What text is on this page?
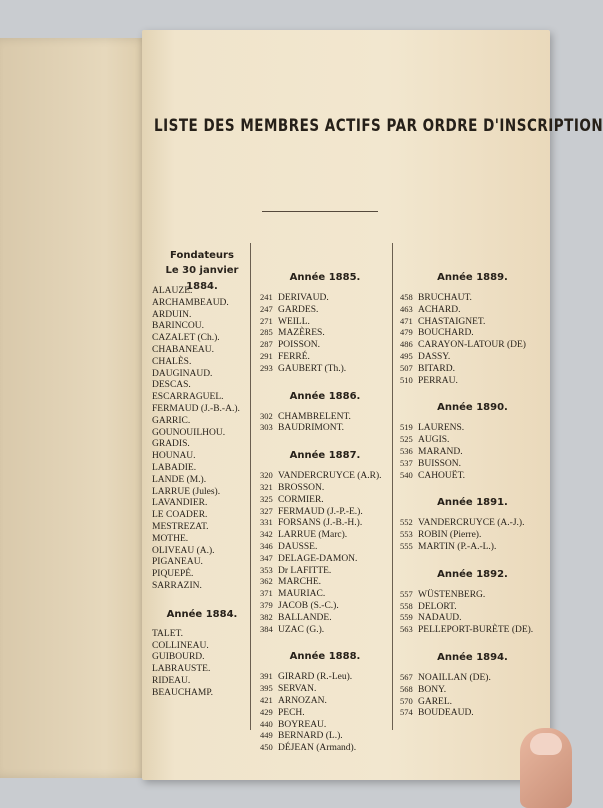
LISTE DES MEMBRES ACTIFS PAR ORDRE D'INSCRIPTION
Fondateurs
Le 30 janvier 1884.
ALAUZE.
ARCHAMBEAUD.
ARDUIN.
BARINCOU.
CAZALET (Ch.).
CHABANEAU.
CHALÈS.
DAUGINAUD.
DESCAS.
ESCARRAGUEL.
FERMAUD (J.-B.-A.).
GARRIC.
GOUNOUILHOU.
GRADIS.
HOUNAU.
LABADIE.
LANDE (M.).
LARRUE (Jules).
LAVANDIER.
LE COADER.
MESTREZAT.
MOTHE.
OLIVEAU (A.).
PIGANEAU.
PIQUEPÉ.
SARRAZIN.
Année 1884.
TALET.
COLLINEAU.
GUIBOURD.
LABRAUSTE.
RIDEAU.
BEAUCHAMP.
Année 1885.
241 DERIVAUD.
247 GARDES.
271 WEILL.
285 MAZÈRES.
287 POISSON.
291 FERRÉ.
293 GAUBERT (Th.).
Année 1886.
302 CHAMBRELENT.
303 BAUDRIMONT.
Année 1887.
320 VANDERCRUYCE (A.R).
321 BROSSON.
325 CORMIER.
327 FERMAUD (J.-P.-E.).
331 FORSANS (J.-B.-H.).
342 LARRUE (Marc).
346 DAUSSE.
347 DELAGE-DAMON.
353 Dr LAFITTE.
362 MARCHE.
371 MAURIAC.
379 JACOB (S.-C.).
382 BALLANDE.
384 UZAC (G.).
Année 1888.
391 GIRARD (R.-Leu).
395 SERVAN.
421 ARNOZAN.
429 PECH.
440 BOYREAU.
449 BERNARD (L.).
450 DÉJEAN (Armand).
Année 1889.
458 BRUCHAUT.
463 ACHARD.
471 CHASTAIGNET.
479 BOUCHARD.
486 CARAYON-LATOUR (DE)
495 DASSY.
507 BITARD.
510 PERRAU.
Année 1890.
519 LAURENS.
525 AUGIS.
536 MARAND.
537 BUISSON.
540 CAHOUËT.
Année 1891.
552 VANDERCRUYCE (A.-J.).
553 ROBIN (Pierre).
555 MARTIN (P.-A.-L.).
Année 1892.
557 WÜSTENBERG.
558 DELORT.
559 NADAUD.
563 PELLEPORT-BURÈTE (DE).
Année 1894.
567 NOAILLAN (DE).
568 BONY.
570 GAREL.
574 BOUDEAUD.
